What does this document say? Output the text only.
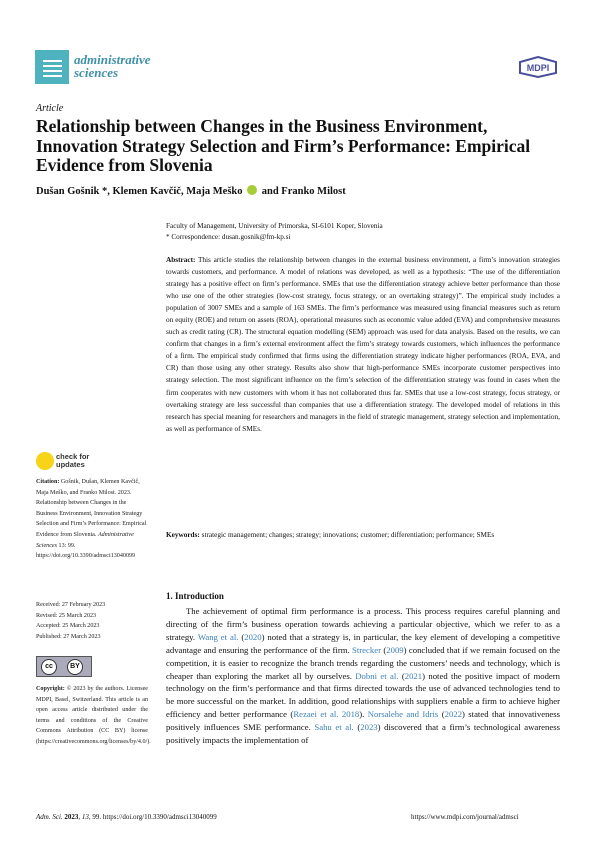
administrative
sciences	MDPI
Article
Relationship between Changes in the Business Environment, Innovation Strategy Selection and Firm’s Performance: Empirical Evidence from Slovenia
Dušan Gošnik *, Klemen Kavčič, Maja Meško and Franko Milost
Faculty of Management, University of Primorska, SI-6101 Koper, Slovenia
* Correspondence: dusan.gosnik@fm-kp.si
Abstract: This article studies the relationship between changes in the external business environment, a firm’s innovation strategies towards customers, and performance. A model of relations was developed, as well as a hypothesis: “The use of the differentiation strategy has a positive effect on firm’s performance. SMEs that use the differentiation strategy achieve better performance than those who use one of the other strategies (low-cost strategy, focus strategy, or an overtaking strategy)”. The empirical study includes a population of 3007 SMEs and a sample of 163 SMEs. The firm’s performance was measured using financial measures such as return on equity (ROE) and return on assets (ROA), operational measures such as economic value added (EVA) and comprehensive measures such as credit rating (CR). The structural equation modelling (SEM) approach was used for data analysis. Based on the results, we can confirm that changes in a firm’s external environment affect the firm’s strategy towards customers, which influences the performance of a firm. The empirical study confirmed that firms using the differentiation strategy indicate higher performances (ROA, EVA, and CR) than those using any other strategy. Results also show that high-performance SMEs incorporate customer perspectives into strategy selection. The most significant influence on the firm’s selection of the differentiation strategy was found in cases when the firm cooperates with new customers with whom it has not collaborated thus far. SMEs that use a low-cost strategy, focus strategy, or overtaking strategy are less successful than companies that use a differentiation strategy. The developed model of relations in this research has special meaning for researchers and managers in the field of strategic management, strategy selection and implementation, as well as performance of SMEs.
Keywords: strategic management; changes; strategy; innovations; customer; differentiation; performance; SMEs
1. Introduction
The achievement of optimal firm performance is a process. This process requires careful planning and directing of the firm’s business operation towards achieving a particular objective, which we refer to as a strategy. Wang et al. (2020) noted that a strategy is, in particular, the key element of developing a competitive advantage and ensuring the performance of the firm. Strecker (2009) concluded that if we remain focused on the competition, it is easier to recognize the branch trends regarding the customers’ needs and technology, which is cheaper than exploring the market all by ourselves. Dobni et al. (2021) noted the positive impact of modern technology on the firm’s performance and that firms directed towards the use of advanced technologies tend to be more successful on the market. In addition, good relationships with suppliers enable a firm to achieve higher efficiency and better performance (Rezaei et al. 2018). Norsalehe and Idris (2022) stated that innovativeness positively influences SME performance. Sahu et al. (2023) discovered that a firm’s technological awareness positively impacts the implementation of
check for
updates
Citation: Gošnik, Dušan, Klemen Kavčič, Maja Meško, and Franko Milost. 2023. Relationship between Changes in the Business Environment, Innovation Strategy Selection and Firm’s Performance: Empirical Evidence from Slovenia. Administrative Sciences 13: 99. https://doi.org/10.3390/admsci13040099
Received: 27 February 2023
Revised: 25 March 2023
Accepted: 25 March 2023
Published: 27 March 2023
cc	BY
Copyright: © 2023 by the authors. Licensee MDPI, Basel, Switzerland. This article is an open access article distributed under the terms and conditions of the Creative Commons Attribution (CC BY) license (https://creativecommons.org/licenses/by/4.0/).
Adm. Sci. 2023, 13, 99. https://doi.org/10.3390/admsci13040099	https://www.mdpi.com/journal/admsci
